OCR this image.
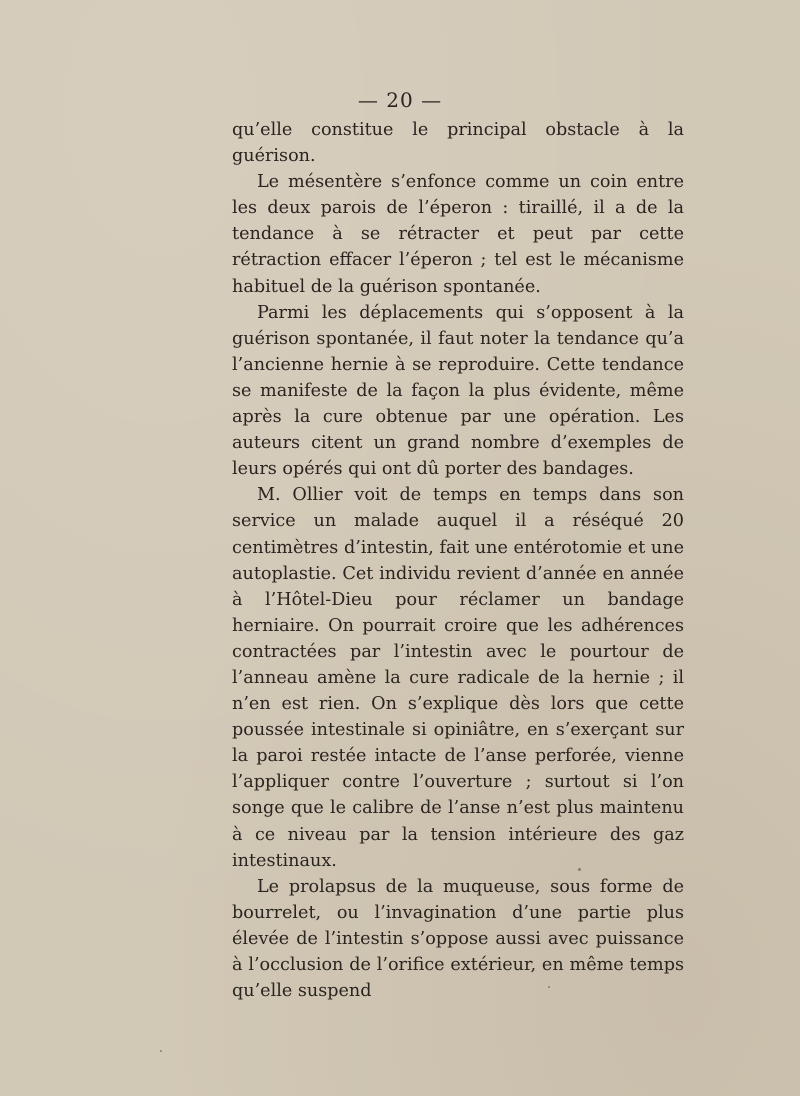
— 20 —

qu’elle constitue le principal obstacle à la guérison.

Le mésentère s’enfonce comme un coin entre les deux parois de l’éperon : tiraillé, il a de la tendance à se rétracter et peut par cette rétraction effacer l’éperon ; tel est le mécanisme habituel de la guérison spontanée.

Parmi les déplacements qui s’opposent à la guérison spontanée, il faut noter la tendance qu’a l’ancienne hernie à se reproduire. Cette tendance se manifeste de la façon la plus évidente, même après la cure obtenue par une opération. Les auteurs citent un grand nombre d’exemples de leurs opérés qui ont dû porter des bandages.

M. Ollier voit de temps en temps dans son service un malade auquel il a réséqué 20 centimètres d’intestin, fait une entérotomie et une autoplastie. Cet individu revient d’année en année à l’Hôtel-Dieu pour réclamer un bandage herniaire. On pourrait croire que les adhérences contractées par l’intestin avec le pourtour de l’anneau amène la cure radicale de la hernie ; il n’en est rien. On s’explique dès lors que cette poussée intestinale si opiniâtre, en s’exerçant sur la paroi restée intacte de l’anse perforée, vienne l’appliquer contre l’ouverture ; surtout si l’on songe que le calibre de l’anse n’est plus maintenu à ce niveau par la tension intérieure des gaz intestinaux.

Le prolapsus de la muqueuse, sous forme de bourrelet, ou l’invagination d’une partie plus élevée de l’intestin s’oppose aussi avec puissance à l’occlusion de l’orifice extérieur, en même temps qu’elle suspend
